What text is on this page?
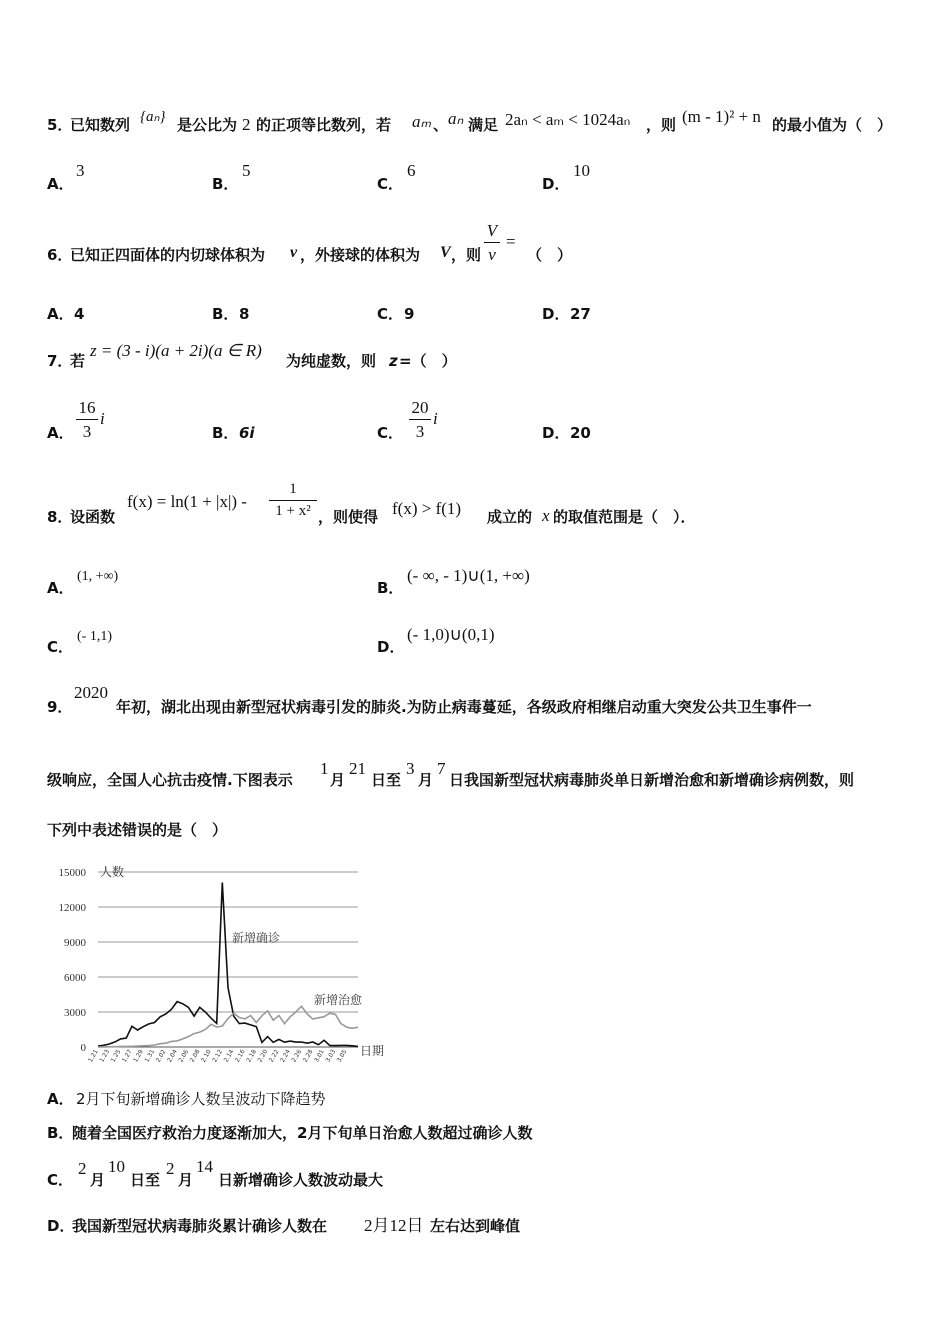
5．
已知数列 {aₙ} 是公比为 2 的正项等比数列，若 aₘ 、 aₙ 满足 2aₙ < aₘ < 1024aₙ ，则 (m - 1)² + n 的最小值为（　）
A．
3
B．
5
C．
6
D．
10
6．
已知正四面体的内切球体积为 v ，外接球的体积为 V ，则
V
v
=
（　）
A． 4	B． 8	C． 9	D． 27
7．
若
z = (3 - i)(a + 2i)(a ∈ R)
为纯虚数，则 z =（　）
A．
16
3
i
B． 6i	C．
20
3
i
D． 20
8．
设函数
f(x) = ln(1 + |x|) -
1
1 + x² ，则使得 f(x) > f(1) 成立的 x 的取值范围是（　）．
A．
(1, +∞)
B．
(- ∞, - 1)∪(1, +∞)
C．
(- 1,1)
D．
(- 1,0)∪(0,1)
9．
2020
年初，湖北出现由新型冠状病毒引发的肺炎.为防止病毒蔓延，各级政府相继启动重大突发公共卫生事件一
级响应，全国人心抗击疫情.下图表示
1
月
21
日至
3
月
7
日我国新型冠状病毒肺炎单日新增治愈和新增确诊病例数，则
下列中表述错误的是（　）
0
3000
6000
9000
12000
15000
1.21
1.23
1.25
1.27
1.29
1.31
2.02
2.04
2.06
2.08
2.10
2.12
2.14
2.16
2.18
2.20
2.22
2.24
2.26
2.28
3.01
3.03
3.05
人数
日期
新增确诊
新增治愈
A． 2月下旬新增确诊人数呈波动下降趋势
B．
随着全国医疗救治力度逐渐加大，2月下旬单日治愈人数超过确诊人数
C．
2
月
10
日至
2
月
14
日新增确诊人数波动最大
D．
我国新型冠状病毒肺炎累计确诊人数在 2月12日 左右达到峰值
